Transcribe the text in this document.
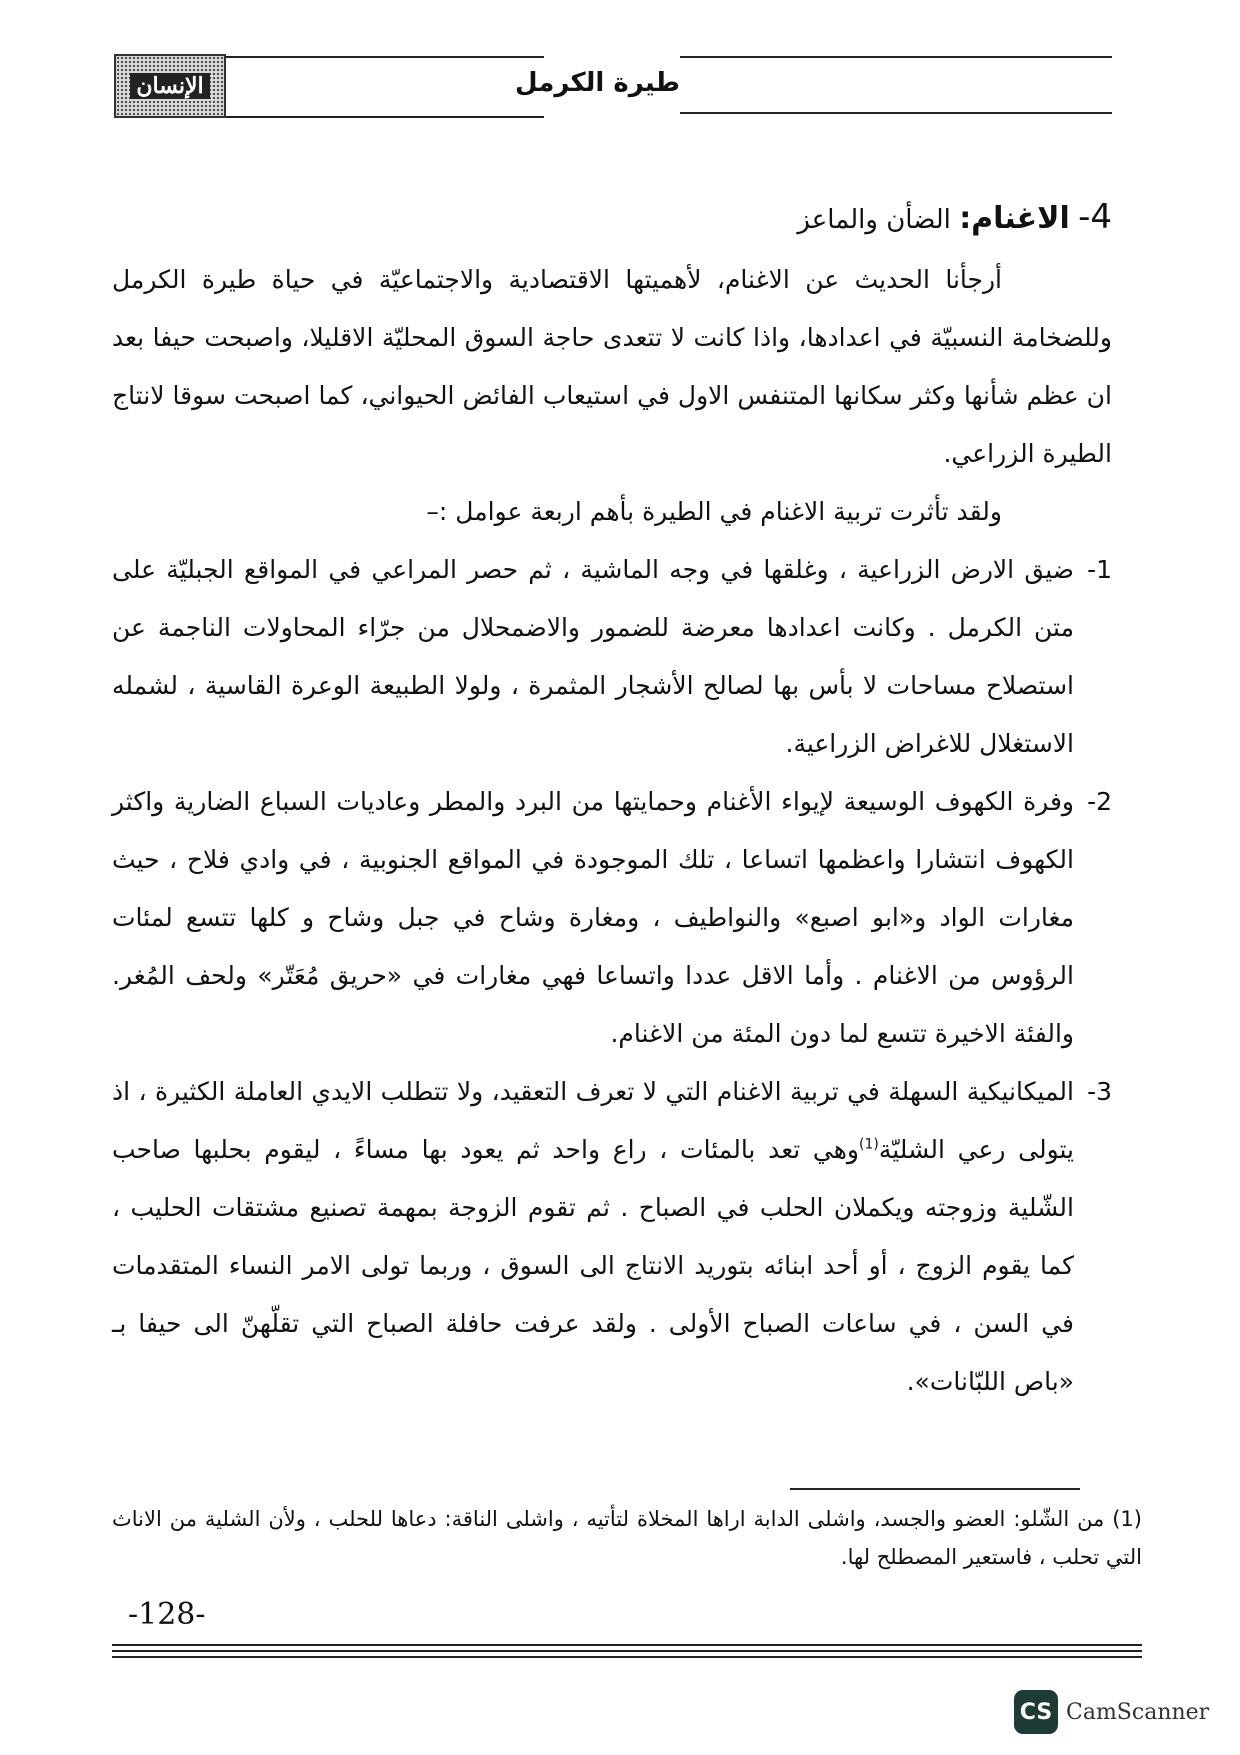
الإنسان	طيرة الكرمل
4- الاغنام: الضأن والماعز

أرجأنا الحديث عن الاغنام، لأهميتها الاقتصادية والاجتماعيّة في حياة طيرة الكرمل وللضخامة النسبيّة في اعدادها، واذا كانت لا تتعدى حاجة السوق المحليّة الاقليلا، واصبحت حيفا بعد ان عظم شأنها وكثر سكانها المتنفس الاول في استيعاب الفائض الحيواني، كما اصبحت سوقا لانتاج الطيرة الزراعي.

ولقد تأثرت تربية الاغنام في الطيرة بأهم اربعة عوامل :–

1-
ضيق الارض الزراعية ، وغلقها في وجه الماشية ، ثم حصر المراعي في المواقع الجبليّة على متن الكرمل . وكانت اعدادها معرضة للضمور والاضمحلال من جرّاء المحاولات الناجمة عن استصلاح مساحات لا بأس بها لصالح الأشجار المثمرة ، ولولا الطبيعة الوعرة القاسية ، لشمله الاستغلال للاغراض الزراعية.
2-
وفرة الكهوف الوسيعة لإيواء الأغنام وحمايتها من البرد والمطر وعاديات السباع الضارية واكثر الكهوف انتشارا واعظمها اتساعا ، تلك الموجودة في المواقع الجنوبية ، في وادي فلاح ، حيث مغارات الواد و«ابو اصبع» والنواطيف ، ومغارة وشاح في جبل وشاح و كلها تتسع لمئات الرؤوس من الاغنام . وأما الاقل عددا واتساعا فهي مغارات في «حريق مُعَتّر» ولحف المُغر. والفئة الاخيرة تتسع لما دون المئة من الاغنام.
3-
الميكانيكية السهلة في تربية الاغنام التي لا تعرف التعقيد، ولا تتطلب الايدي العاملة الكثيرة ، اذ يتولى رعي الشليّة$^{(1)}$وهي تعد بالمئات ، راع واحد ثم يعود بها مساءً ، ليقوم بحلبها صاحب الشّلية وزوجته ويكملان الحلب في الصباح . ثم تقوم الزوجة بمهمة تصنيع مشتقات الحليب ، كما يقوم الزوج ، أو أحد ابنائه بتوريد الانتاج الى السوق ، وربما تولى الامر النساء المتقدمات في السن ، في ساعات الصباح الأولى . ولقد عرفت حافلة الصباح التي تقلّهنّ الى حيفا بـ «باص اللبّانات».
(1) من الشّلو: العضو والجسد، واشلى الدابة اراها المخلاة لتأتيه ، واشلى الناقة: دعاها للحلب ، ولأن الشلية من الاناث التي تحلب ، فاستعير المصطلح لها.
-128-
CS CamScanner
